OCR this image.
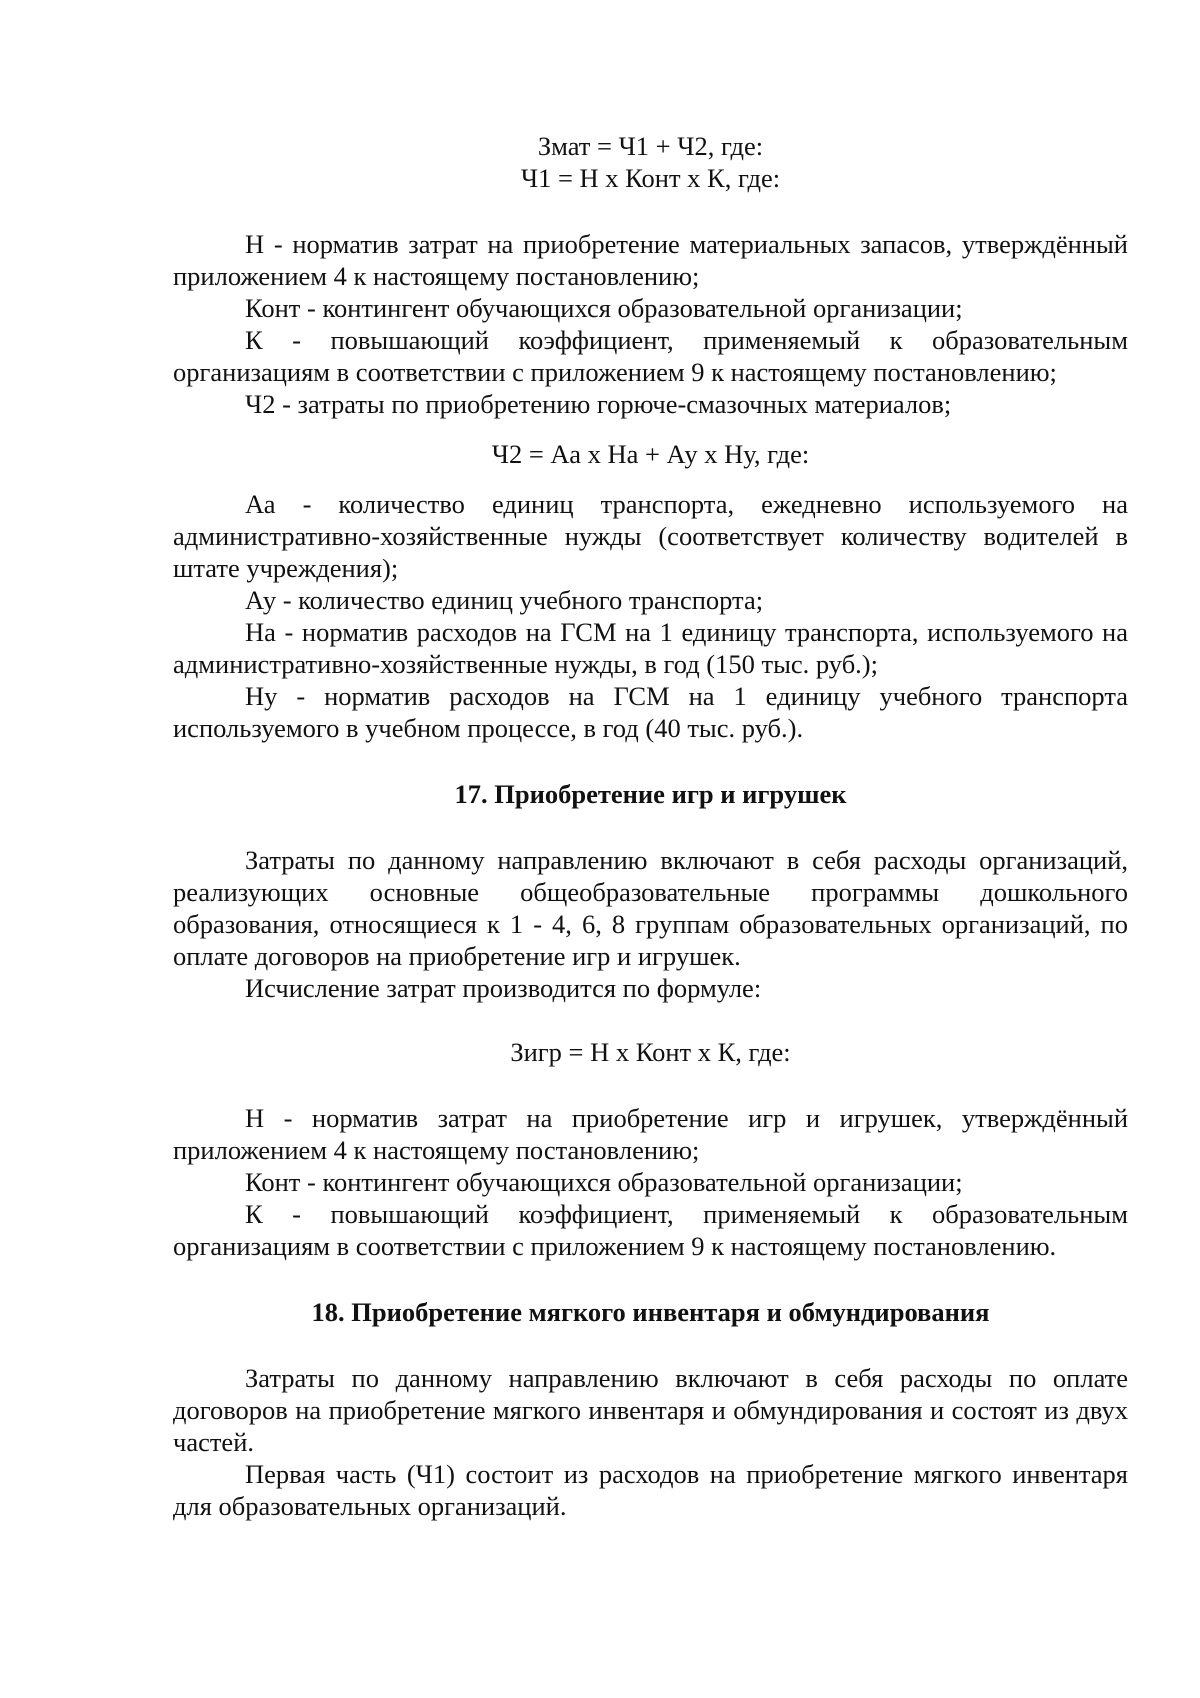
Змат = Ч1 + Ч2, где:

Ч1 = Н х Конт х К, где:

Н - норматив затрат на приобретение материальных запасов, утверждённый приложением 4 к настоящему постановлению;

Конт - контингент обучающихся образовательной организации;

К - повышающий коэффициент, применяемый к образовательным организациям в соответствии с приложением 9 к настоящему постановлению;

Ч2 - затраты по приобретению горюче-смазочных материалов;

Ч2 = Аа х На + Ау х Ну, где:

Аа - количество единиц транспорта, ежедневно используемого на административно-хозяйственные нужды (соответствует количеству водителей в штате учреждения);

Ау - количество единиц учебного транспорта;

На - норматив расходов на ГСМ на 1 единицу транспорта, используемого на административно-хозяйственные нужды, в год (150 тыс. руб.);

Ну - норматив расходов на ГСМ на 1 единицу учебного транспорта используемого в учебном процессе, в год (40 тыс. руб.).

17. Приобретение игр и игрушек

Затраты по данному направлению включают в себя расходы организаций, реализующих основные общеобразовательные программы дошкольного образования, относящиеся к 1 - 4, 6, 8 группам образовательных организаций, по оплате договоров на приобретение игр и игрушек.

Исчисление затрат производится по формуле:

Зигр = Н х Конт х К, где:

Н - норматив затрат на приобретение игр и игрушек, утверждённый приложением 4 к настоящему постановлению;

Конт - контингент обучающихся образовательной организации;

К - повышающий коэффициент, применяемый к образовательным организациям в соответствии с приложением 9 к настоящему постановлению.

18. Приобретение мягкого инвентаря и обмундирования

Затраты по данному направлению включают в себя расходы по оплате договоров на приобретение мягкого инвентаря и обмундирования и состоят из двух частей.

Первая часть (Ч1) состоит из расходов на приобретение мягкого инвентаря для образовательных организаций.
